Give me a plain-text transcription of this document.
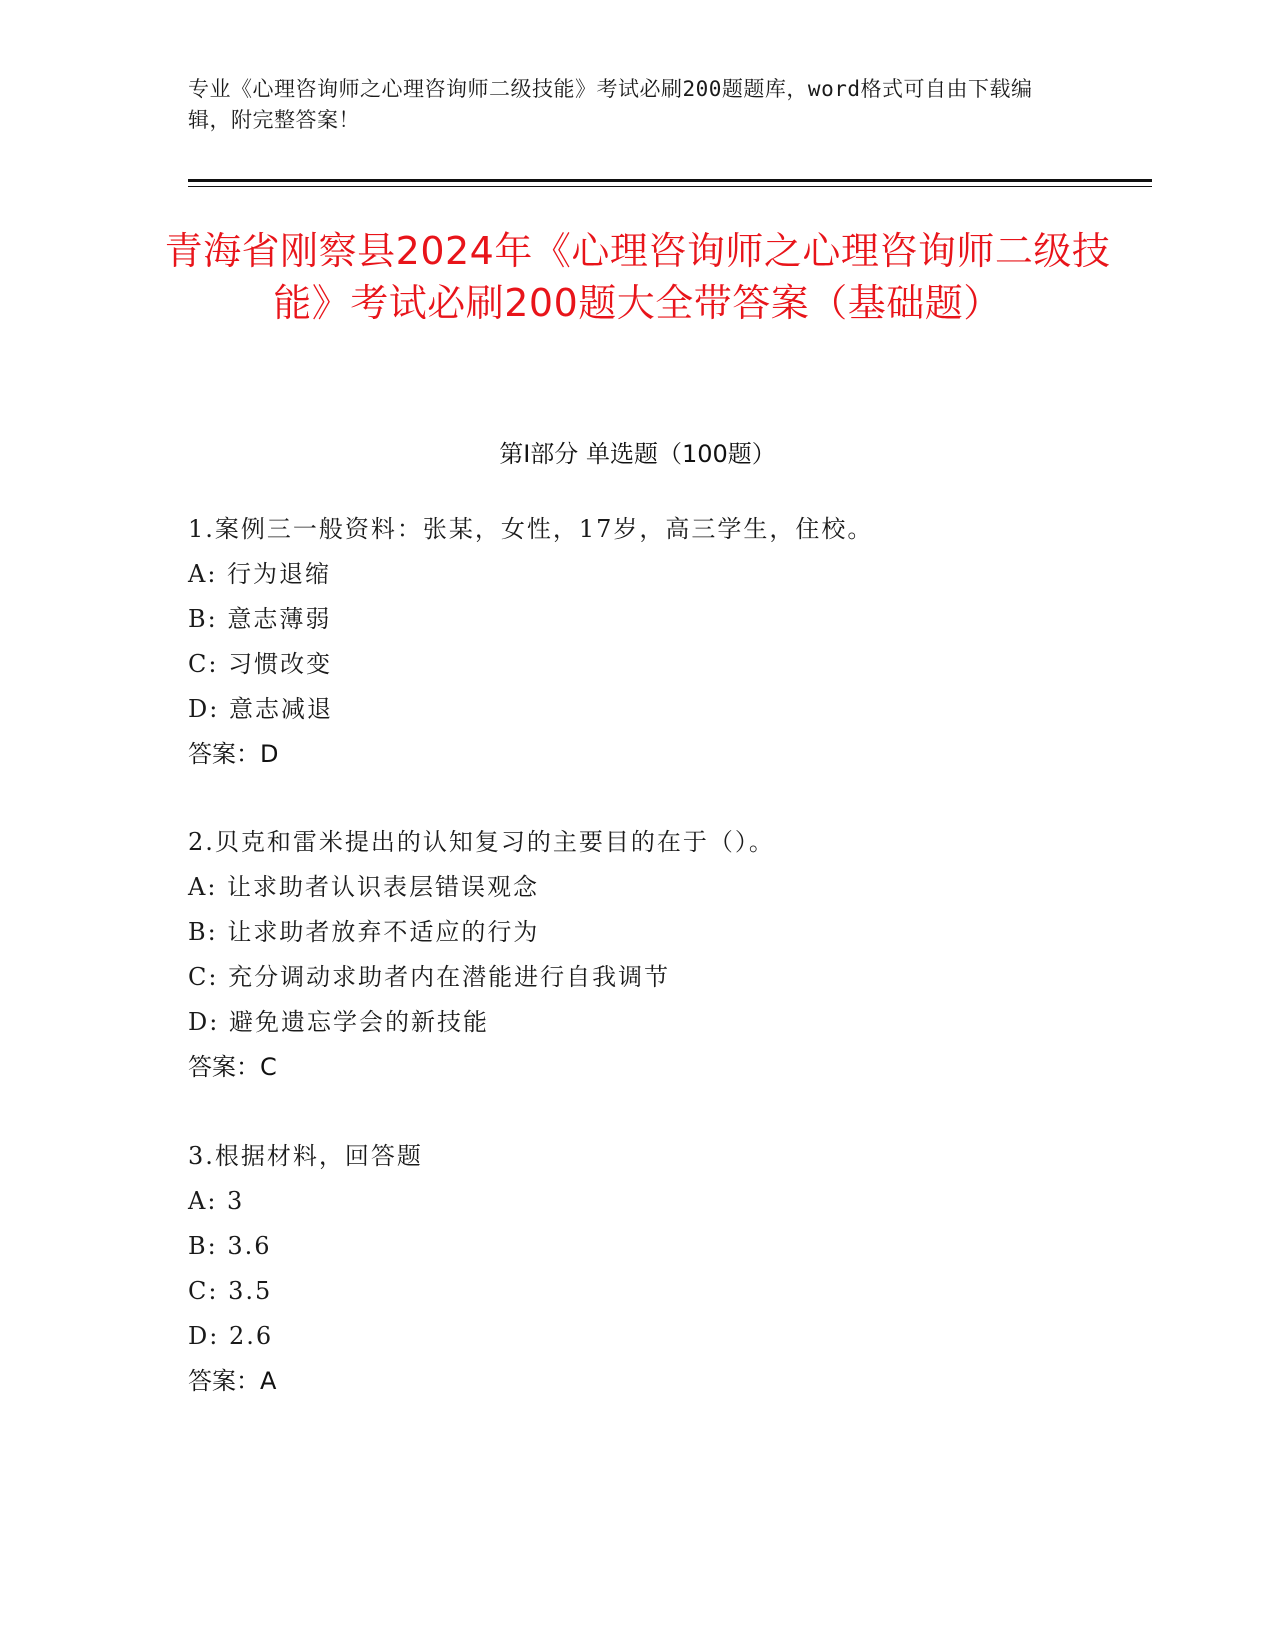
专业《心理咨询师之心理咨询师二级技能》考试必刷200题题库，word格式可自由下载编辑，附完整答案！
青海省刚察县2024年《心理咨询师之心理咨询师二级技能》考试必刷200题大全带答案（基础题）
第Ⅰ部分 单选题（100题）
1.案例三一般资料：张某，女性，17岁，高三学生，住校。
A: 行为退缩
B: 意志薄弱
C: 习惯改变
D: 意志减退
答案：D
2.贝克和雷米提出的认知复习的主要目的在于（）。
A: 让求助者认识表层错误观念
B: 让求助者放弃不适应的行为
C: 充分调动求助者内在潜能进行自我调节
D: 避免遗忘学会的新技能
答案：C
3.根据材料，回答题
A: 3
B: 3.6
C: 3.5
D: 2.6
答案：A
